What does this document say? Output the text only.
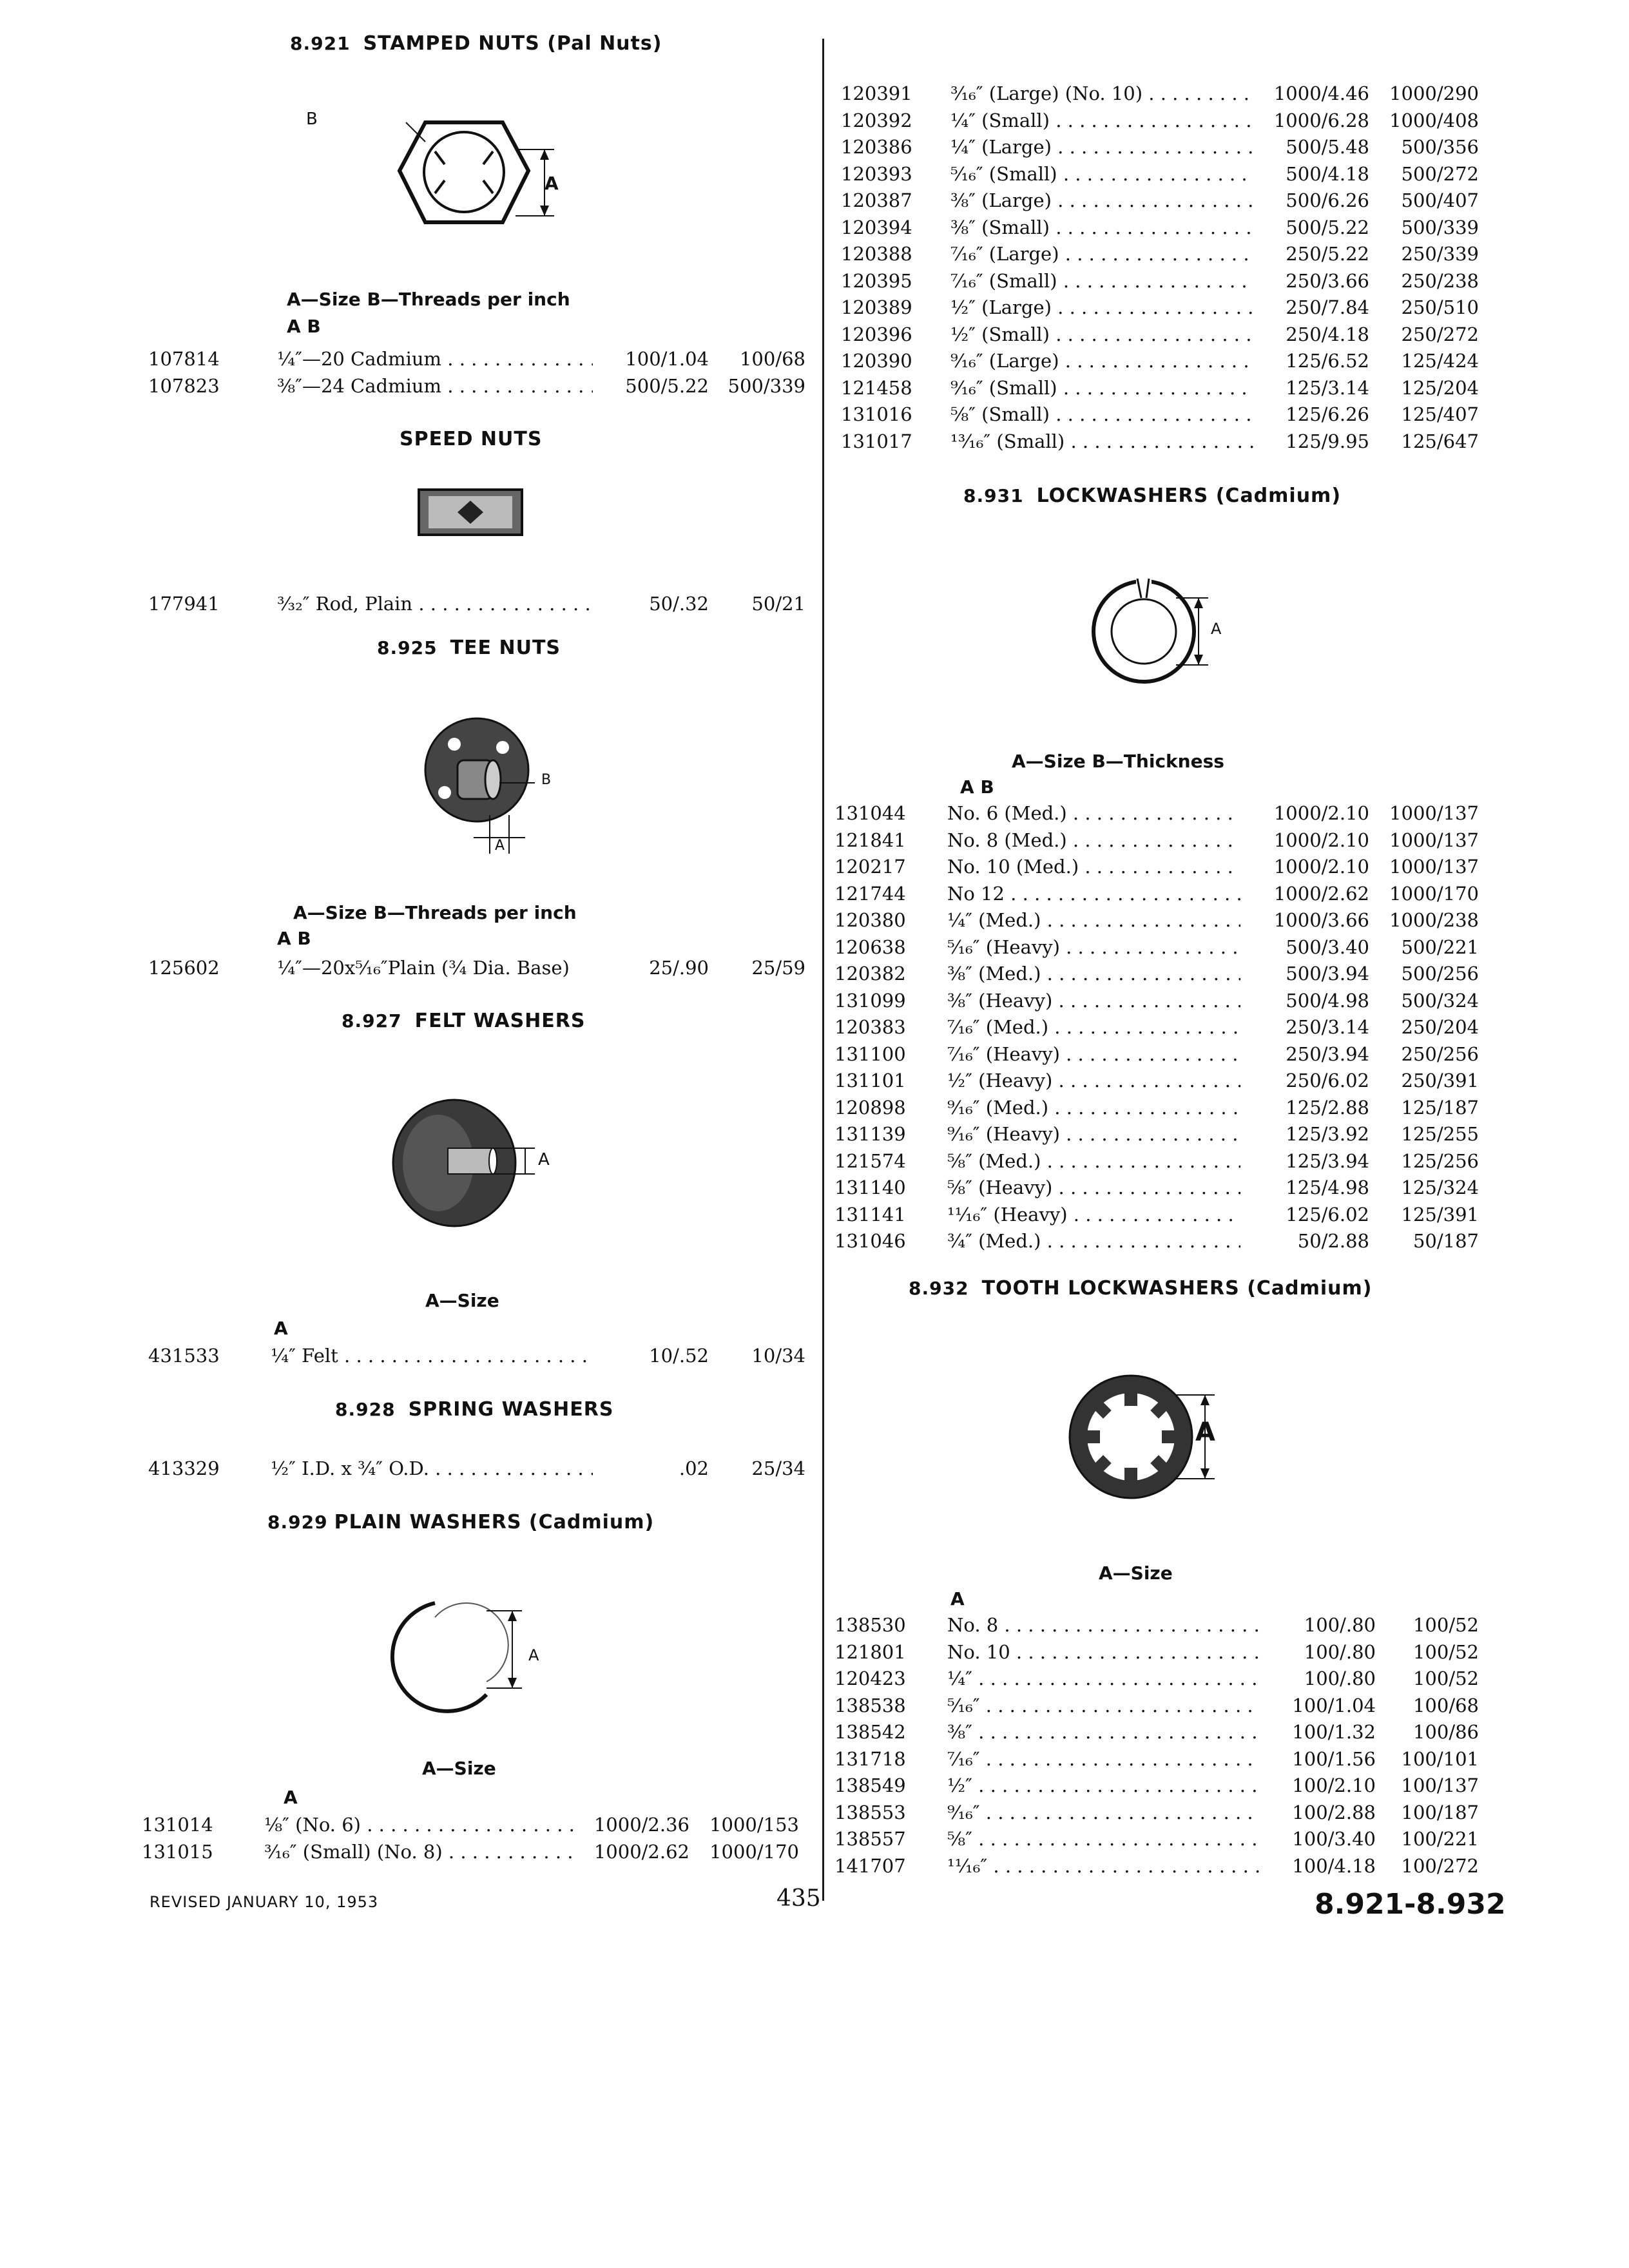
8.921 STAMPED NUTS (Pal Nuts)
B
A
A—Size B—Threads per inch
A B
107814	¼″—20 Cadmium . . .	100/1.04	100/68
107823	⅜″—24 Cadmium . . .	500/5.22	500/339
SPEED NUTS
177941	³⁄₃₂″ Rod, Plain . . .	50/.32	50/21
8.925 TEE NUTS
B
A
A—Size B—Threads per inch
A B
125602	¼″—20x⁵⁄₁₆″Plain (¾ Dia. Base)	25/.90	25/59
8.927 FELT WASHERS
A
A—Size
A
431533	¼″ Felt . . .	10/.52	10/34
8.928 SPRING WASHERS
413329	½″ I.D. x ¾″ O.D. . . .	.02	25/34
8.929 PLAIN WASHERS (Cadmium)
A
A—Size
A
131014	⅛″ (No. 6) . . .	1000/2.36	1000/153
131015	³⁄₁₆″ (Small) (No. 8) . . .	1000/2.62	1000/170
120391	³⁄₁₆″ (Large) (No. 10) . . .	1000/4.46	1000/290
120392	¼″ (Small) . . .	1000/6.28	1000/408
120386	¼″ (Large) . . .	500/5.48	500/356
120393	⁵⁄₁₆″ (Small) . . .	500/4.18	500/272
120387	⅜″ (Large) . . .	500/6.26	500/407
120394	⅜″ (Small) . . .	500/5.22	500/339
120388	⁷⁄₁₆″ (Large) . . .	250/5.22	250/339
120395	⁷⁄₁₆″ (Small) . . .	250/3.66	250/238
120389	½″ (Large) . . .	250/7.84	250/510
120396	½″ (Small) . . .	250/4.18	250/272
120390	⁹⁄₁₆″ (Large) . . .	125/6.52	125/424
121458	⁹⁄₁₆″ (Small) . . .	125/3.14	125/204
131016	⅝″ (Small) . . .	125/6.26	125/407
131017	¹³⁄₁₆″ (Small) . . .	125/9.95	125/647
8.931 LOCKWASHERS (Cadmium)
A
A—Size B—Thickness
A B
131044	No. 6 (Med.) . . .	1000/2.10	1000/137
121841	No. 8 (Med.) . . .	1000/2.10	1000/137
120217	No. 10 (Med.) . . .	1000/2.10	1000/137
121744	No 12 . . .	1000/2.62	1000/170
120380	¼″ (Med.) . . .	1000/3.66	1000/238
120638	⁵⁄₁₆″ (Heavy) . . .	500/3.40	500/221
120382	⅜″ (Med.) . . .	500/3.94	500/256
131099	⅜″ (Heavy) . . .	500/4.98	500/324
120383	⁷⁄₁₆″ (Med.) . . .	250/3.14	250/204
131100	⁷⁄₁₆″ (Heavy) . . .	250/3.94	250/256
131101	½″ (Heavy) . . .	250/6.02	250/391
120898	⁹⁄₁₆″ (Med.) . . .	125/2.88	125/187
131139	⁹⁄₁₆″ (Heavy) . . .	125/3.92	125/255
121574	⅝″ (Med.) . . .	125/3.94	125/256
131140	⅝″ (Heavy) . . .	125/4.98	125/324
131141	¹¹⁄₁₆″ (Heavy) . . .	125/6.02	125/391
131046	¾″ (Med.) . . .	50/2.88	50/187
8.932 TOOTH LOCKWASHERS (Cadmium)
A
A—Size
A
138530	No. 8 . . .	100/.80	100/52
121801	No. 10 . . .	100/.80	100/52
120423	¼″ . . .	100/.80	100/52
138538	⁵⁄₁₆″ . . .	100/1.04	100/68
138542	⅜″ . . .	100/1.32	100/86
131718	⁷⁄₁₆″ . . .	100/1.56	100/101
138549	½″ . . .	100/2.10	100/137
138553	⁹⁄₁₆″ . . .	100/2.88	100/187
138557	⅝″ . . .	100/3.40	100/221
141707	¹¹⁄₁₆″ . . .	100/4.18	100/272
REVISED JANUARY 10, 1953	435	8.921-8.932
